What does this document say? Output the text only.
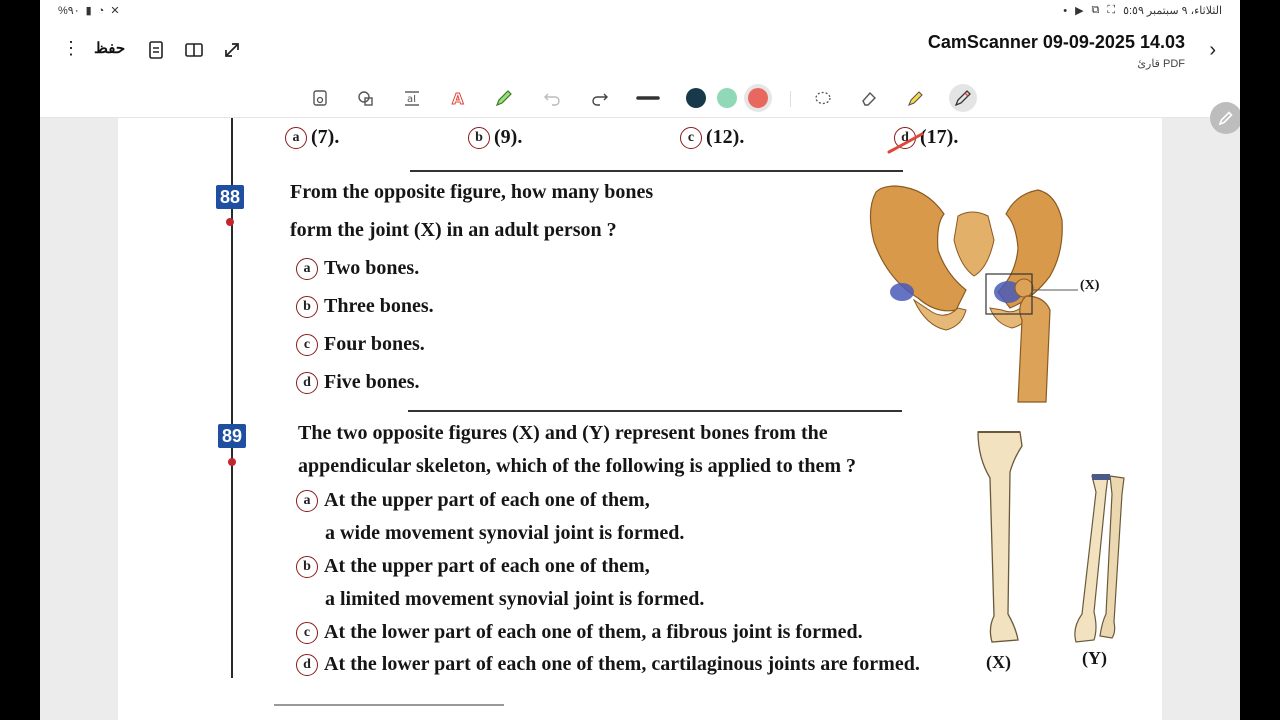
%٩٠ ▮ ◔ ✕	• ▶ ⧉ ⛶ الثلاثاء، ٩ سبتمبر ٥:٥٩
⋮ حفظ	CamScanner 09-09-2025 14.03
قارئ PDF
›
aI A
a (7).	b (9).	c (12).	d (17).
88 From the opposite figure, how many bones
form the joint (X) in an adult person ?
a Two bones.
b Three bones.
c Four bones.
d Five bones.
(X)
89	The two opposite figures (X) and (Y) represent bones from the
appendicular skeleton, which of the following is applied to them ?
a At the upper part of each one of them,
a wide movement synovial joint is formed.
b At the upper part of each one of them,
a limited movement synovial joint is formed.
c At the lower part of each one of them, a fibrous joint is formed.
d At the lower part of each one of them, cartilaginous joints are formed.	(X)	(Y)
